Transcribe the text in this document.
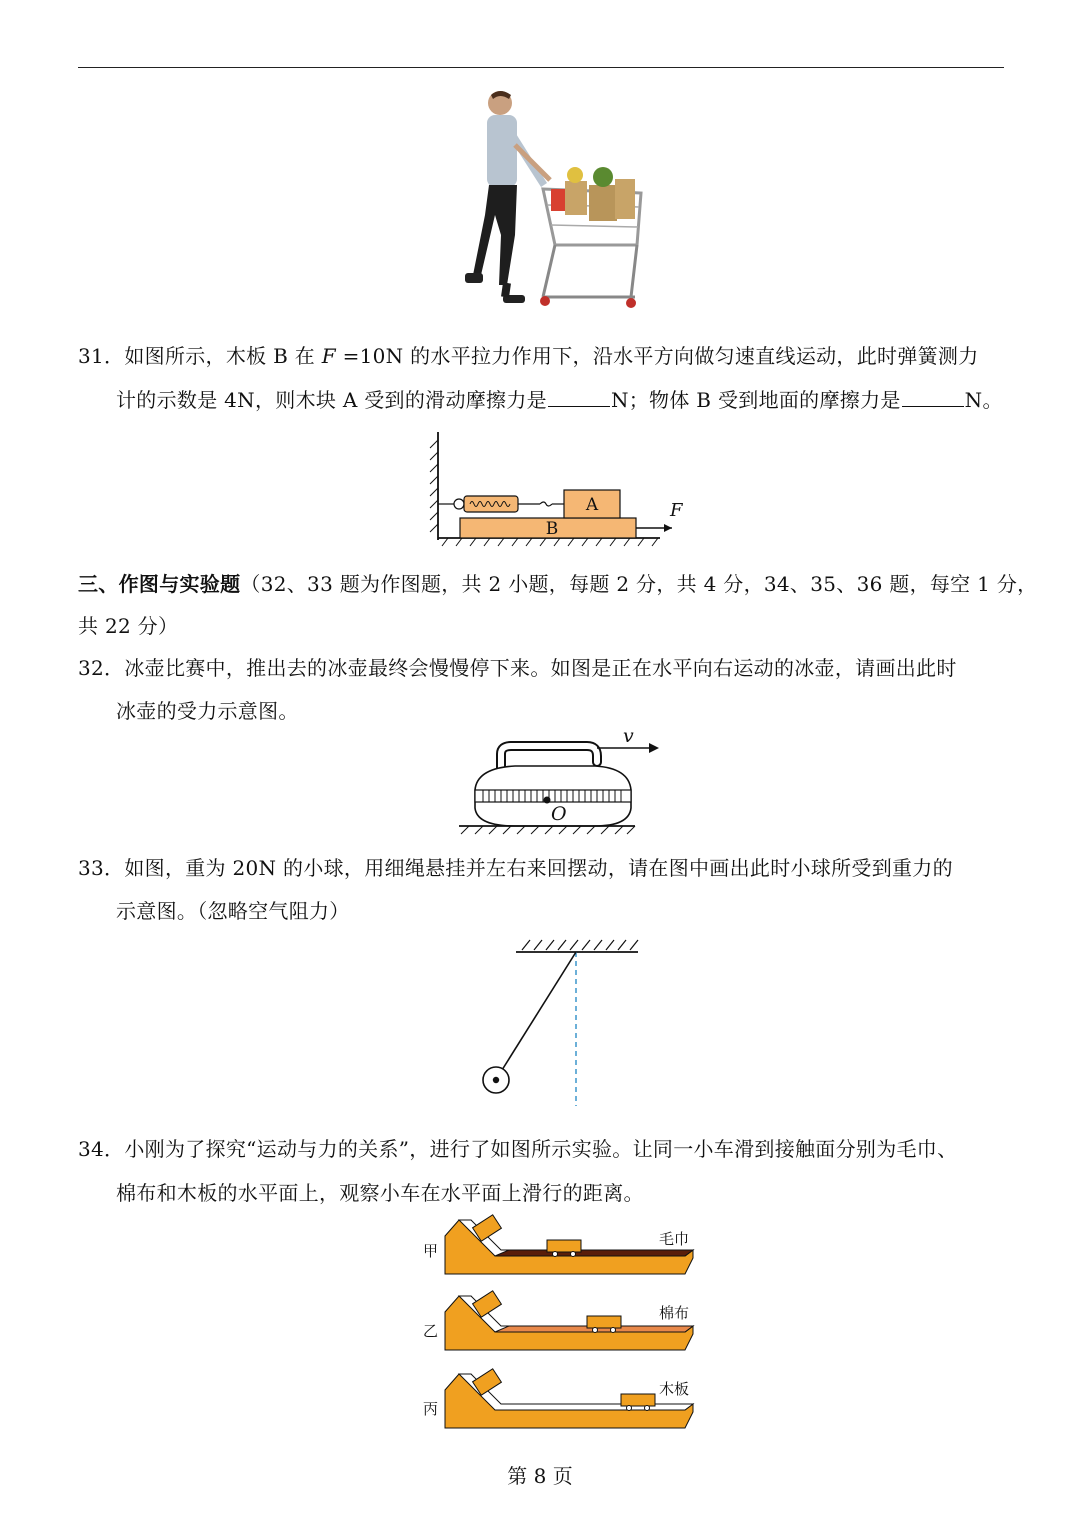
31．如图所示，木板 B 在 F =10N 的水平拉力作用下，沿水平方向做匀速直线运动，此时弹簧测力
计的示数是 4N，则木块 A 受到的滑动摩擦力是	N；物体 B 受到地面的摩擦力是	N。
B
A	F
三、作图与实验题（32、33 题为作图题，共 2 小题，每题 2 分，共 4 分，34、35、36 题，每空 1 分，
共 22 分）
32．冰壶比赛中，推出去的冰壶最终会慢慢停下来。如图是正在水平向右运动的冰壶，请画出此时
冰壶的受力示意图。
O
v
33．如图，重为 20N 的小球，用细绳悬挂并左右来回摆动，请在图中画出此时小球所受到重力的
示意图。（忽略空气阻力）
34．小刚为了探究“运动与力的关系”，进行了如图所示实验。让同一小车滑到接触面分别为毛巾、
棉布和木板的水平面上，观察小车在水平面上滑行的距离。
甲
毛巾
乙
棉布
丙
木板
第 8 页
